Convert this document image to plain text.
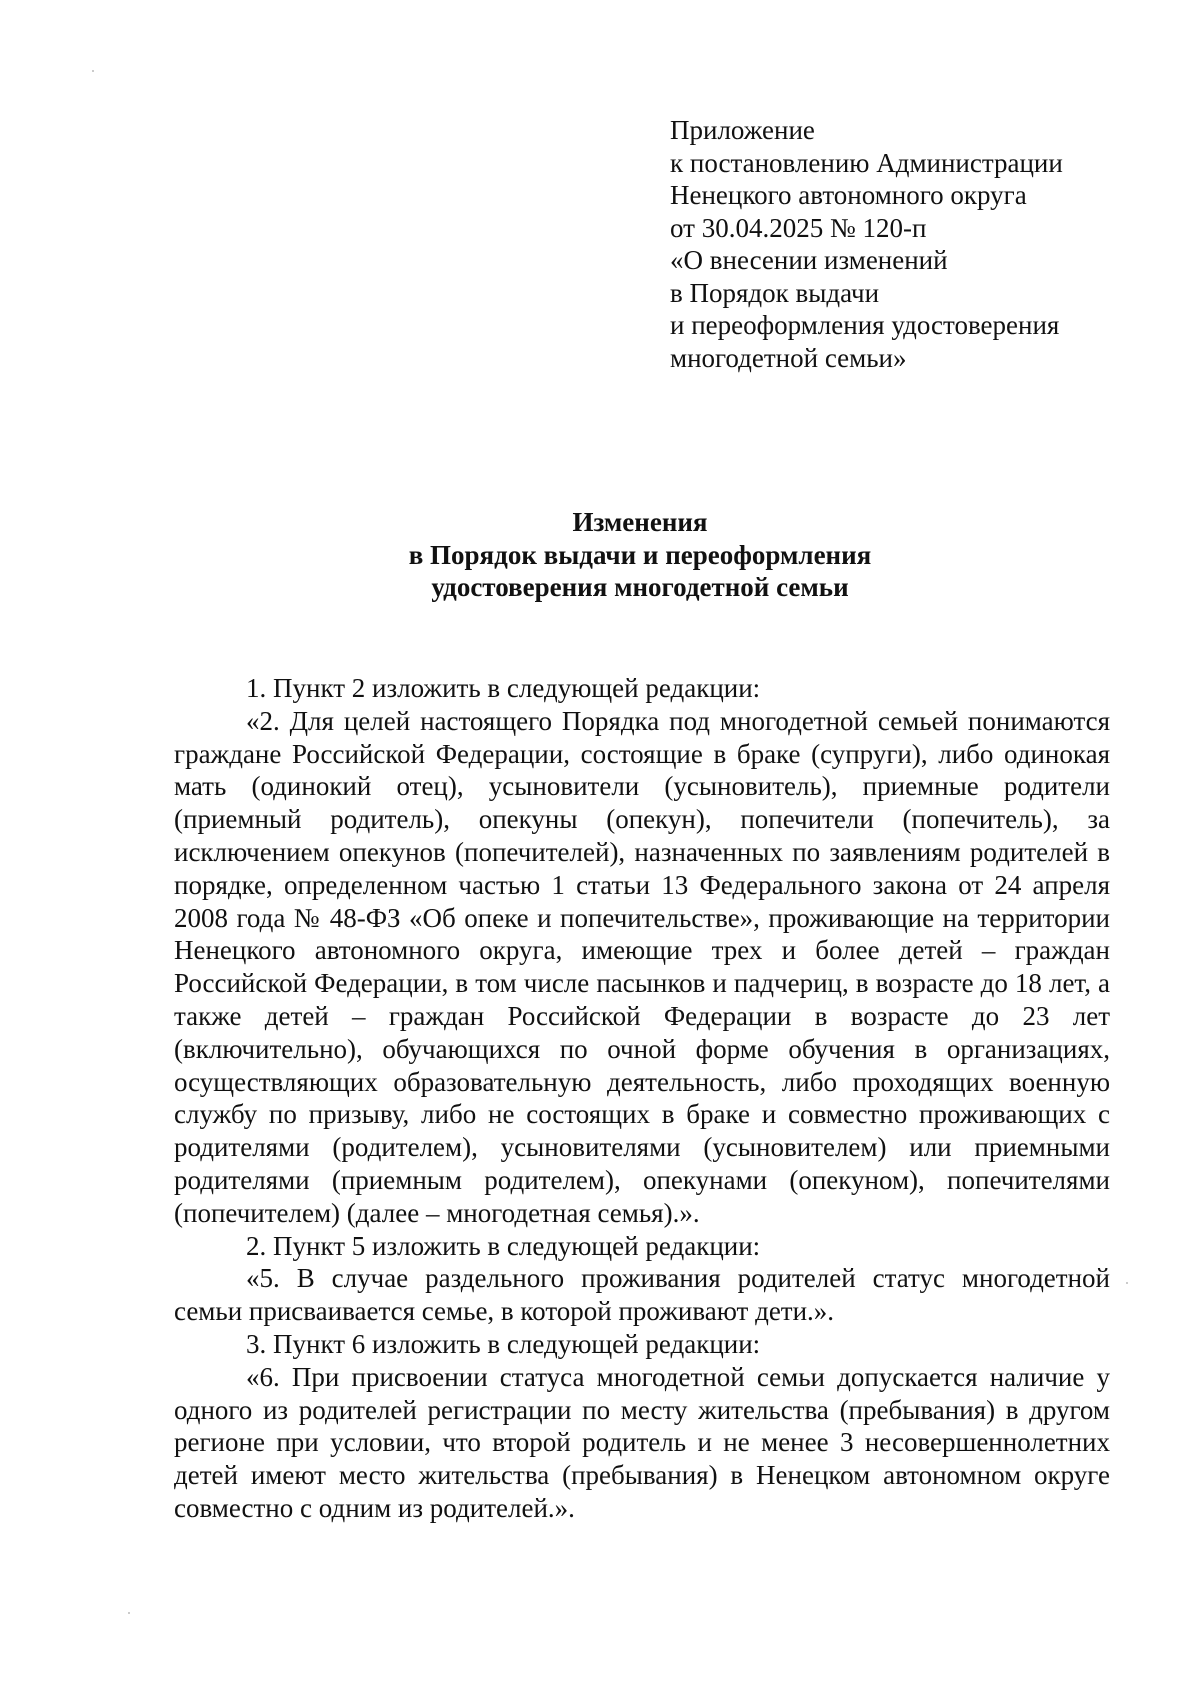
Приложение
к постановлению Администрации
Ненецкого автономного округа
от 30.04.2025 № 120-п
«О внесении изменений
в Порядок выдачи
и переоформления удостоверения
многодетной семьи»
Изменения
в Порядок выдачи и переоформления
удостоверения многодетной семьи

1. Пункт 2 изложить в следующей редакции:

«2. Для целей настоящего Порядка под многодетной семьей понимаются граждане Российской Федерации, состоящие в браке (супруги), либо одинокая мать (одинокий отец), усыновители (усыновитель), приемные родители (приемный родитель), опекуны (опекун), попечители (попечитель), за исключением опекунов (попечителей), назначенных по заявлениям родителей в порядке, определенном частью 1 статьи 13 Федерального закона от 24 апреля 2008 года № 48-ФЗ «Об опеке и попечительстве», проживающие на территории Ненецкого автономного округа, имеющие трех и более детей – граждан Российской Федерации, в том числе пасынков и падчериц, в возрасте до 18 лет, а также детей – граждан Российской Федерации в возрасте до 23 лет (включительно), обучающихся по очной форме обучения в организациях, осуществляющих образовательную деятельность, либо проходящих военную службу по призыву, либо не состоящих в браке и совместно проживающих с родителями (родителем), усыновителями (усыновителем) или приемными родителями (приемным родителем), опекунами (опекуном), попечителями (попечителем) (далее – многодетная семья).».

2. Пункт 5 изложить в следующей редакции:

«5. В случае раздельного проживания родителей статус многодетной семьи присваивается семье, в которой проживают дети.».

3. Пункт 6 изложить в следующей редакции:

«6. При присвоении статуса многодетной семьи допускается наличие у одного из родителей регистрации по месту жительства (пребывания) в другом регионе при условии, что второй родитель и не менее 3 несовершеннолетних детей имеют место жительства (пребывания) в Ненецком автономном округе совместно с одним из родителей.».
